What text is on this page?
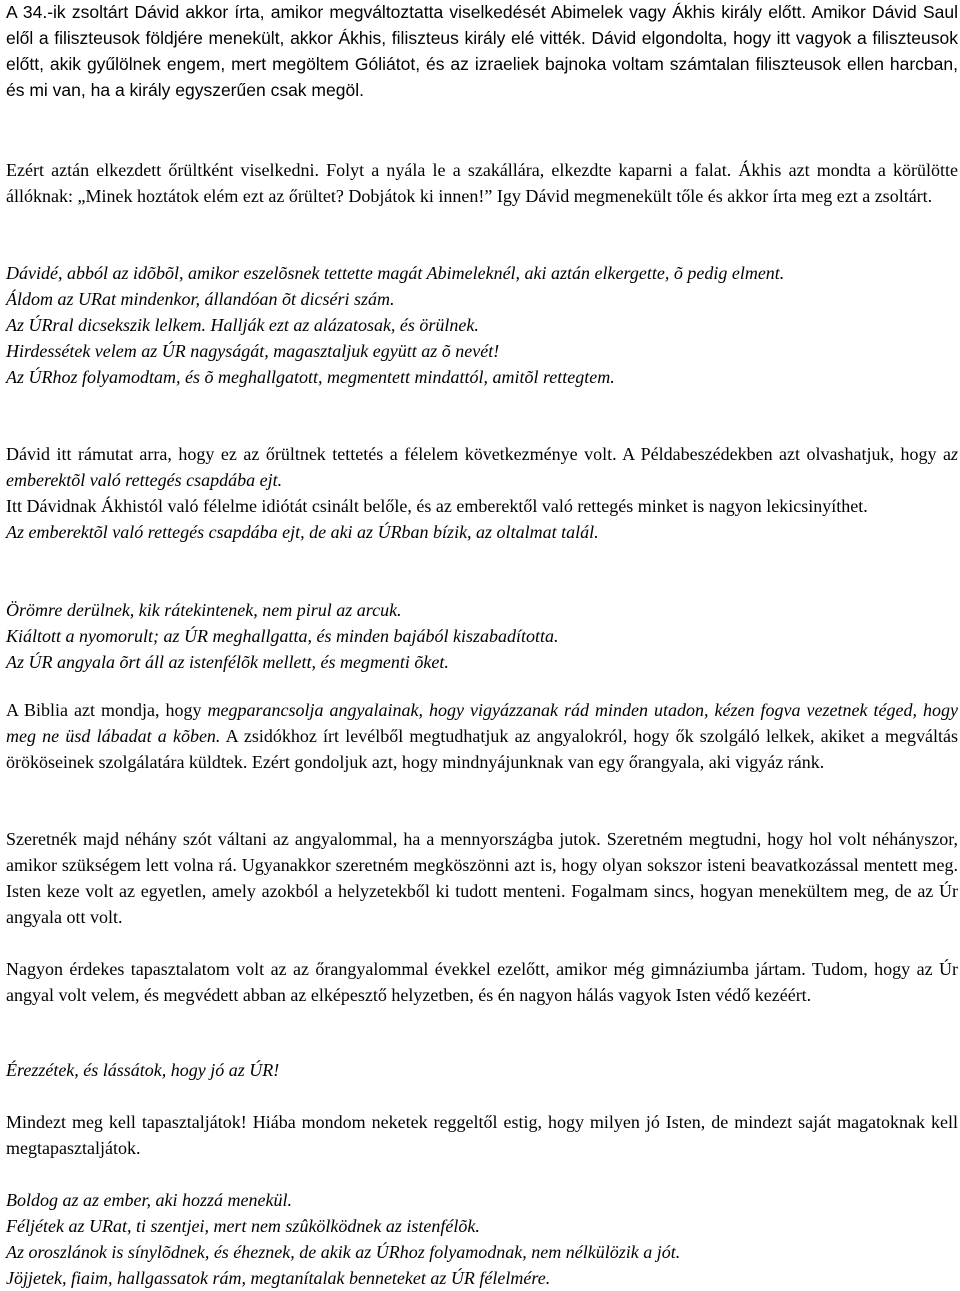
A 34.-ik zsoltárt Dávid akkor írta, amikor megváltoztatta viselkedését Abimelek vagy Ákhis király előtt. Amikor Dávid Saul elől a filiszteusok földjére menekült, akkor Ákhis, filiszteus király elé vitték. Dávid elgondolta, hogy itt vagyok a filiszteusok előtt, akik gyűlölnek engem, mert megöltem Góliátot, és az izraeliek bajnoka voltam számtalan filiszteusok ellen harcban, és mi van, ha a király egyszerűen csak megöl.

Ezért aztán elkezdett őrültként viselkedni. Folyt a nyála le a szakállára, elkezdte kaparni a falat. Ákhis azt mondta a körülötte állóknak: „Minek hoztátok elém ezt az őrültet? Dobjátok ki innen!” Igy Dávid megmenekült tőle és akkor írta meg ezt a zsoltárt.

Dávidé, abból az idõbõl, amikor eszelõsnek tettette magát Abimeleknél, aki aztán elkergette, õ pedig elment.

Áldom az URat mindenkor, állandóan õt dicséri szám.

Az ÚRral dicsekszik lelkem. Hallják ezt az alázatosak, és örülnek.

Hirdessétek velem az ÚR nagyságát, magasztaljuk együtt az õ nevét!

Az ÚRhoz folyamodtam, és õ meghallgatott, megmentett mindattól, amitõl rettegtem.

Dávid itt rámutat arra, hogy ez az őrültnek tettetés a félelem következménye volt. A Példabeszédekben azt olvashatjuk, hogy az emberektõl való rettegés csapdába ejt.

Itt Dávidnak Ákhistól való félelme idiótát csinált belőle, és az emberektől való rettegés minket is nagyon lekicsinyíthet.

Az emberektõl való rettegés csapdába ejt, de aki az ÚRban bízik, az oltalmat talál.

Örömre derülnek, kik rátekintenek, nem pirul az arcuk.

Kiáltott a nyomorult; az ÚR meghallgatta, és minden bajából kiszabadította.

Az ÚR angyala õrt áll az istenfélõk mellett, és megmenti õket.

A Biblia azt mondja, hogy megparancsolja angyalainak, hogy vigyázzanak rád minden utadon, kézen fogva vezetnek téged, hogy meg ne üsd lábadat a kõben. A zsidókhoz írt levélből megtudhatjuk az angyalokról, hogy ők szolgáló lelkek, akiket a megváltás örököseinek szolgálatára küldtek. Ezért gondoljuk azt, hogy mindnyájunknak van egy őrangyala, aki vigyáz ránk.

Szeretnék majd néhány szót váltani az angyalommal, ha a mennyországba jutok. Szeretném megtudni, hogy hol volt néhányszor, amikor szükségem lett volna rá. Ugyanakkor szeretném megköszönni azt is, hogy olyan sokszor isteni beavatkozással mentett meg. Isten keze volt az egyetlen, amely azokból a helyzetekből ki tudott menteni. Fogalmam sincs, hogyan menekültem meg, de az Úr angyala ott volt.

Nagyon érdekes tapasztalatom volt az az őrangyalommal évekkel ezelőtt, amikor még gimnáziumba jártam. Tudom, hogy az Úr angyal volt velem, és megvédett abban az elképesztő helyzetben, és én nagyon hálás vagyok Isten védő kezéért.

Érezzétek, és lássátok, hogy jó az ÚR!

Mindezt meg kell tapasztaljátok! Hiába mondom neketek reggeltől estig, hogy milyen jó Isten, de mindezt saját magatoknak kell megtapasztaljátok.

Boldog az az ember, aki hozzá menekül.

Féljétek az URat, ti szentjei, mert nem szûkölködnek az istenfélõk.

Az oroszlánok is sínylõdnek, és éheznek, de akik az ÚRhoz folyamodnak, nem nélkülözik a jót.

Jöjjetek, fiaim, hallgassatok rám, megtanítalak benneteket az ÚR félelmére.
